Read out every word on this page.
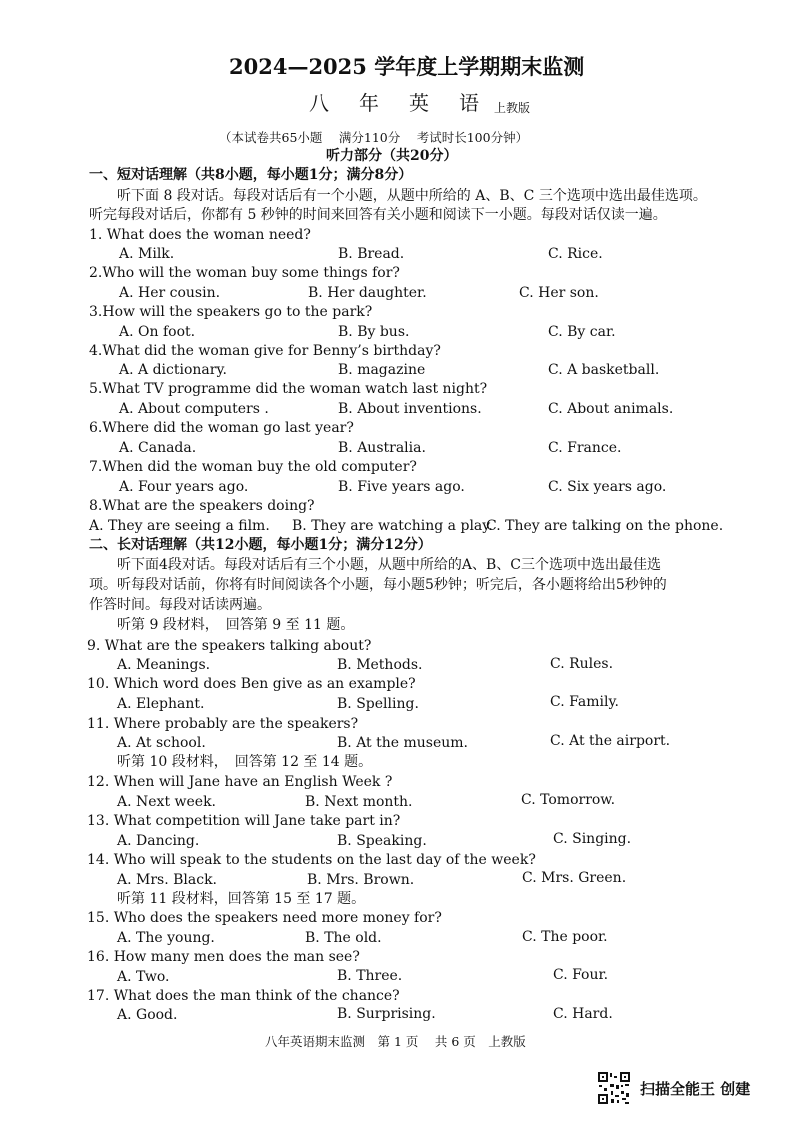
2024—2025 学年度上学期期末监测
八 年 英 语 上教版
（本试卷共65小题　 满分110分　 考试时长100分钟）
听力部分（共20分）
一、短对话理解（共8小题，每小题1分；满分8分）
听下面 8 段对话。每段对话后有一个小题，从题中所给的 A、B、C 三个选项中选出最佳选项。
听完每段对话后，你都有 5 秒钟的时间来回答有关小题和阅读下一小题。每段对话仅读一遍。
1. What does the woman need?
A. Milk.	B. Bread.	C. Rice.
2.Who will the woman buy some things for?
A. Her cousin.	B. Her daughter.	C. Her son.
3.How will the speakers go to the park?
A. On foot.	B. By bus.	C. By car.
4.What did the woman give for Benny’s birthday?
A. A dictionary.	B. magazine	C. A basketball.
5.What TV programme did the woman watch last night?
A. About computers .	B. About inventions.	C. About animals.
6.Where did the woman go last year?
A. Canada.	B. Australia.	C. France.
7.When did the woman buy the old computer?
A. Four years ago.	B. Five years ago.	C. Six years ago.
8.What are the speakers doing?
A. They are seeing a film. B. They are watching a play.
C. They are talking on the phone.
二、长对话理解（共12小题，每小题1分；满分12分）
听下面4段对话。每段对话后有三个小题，从题中所给的A、B、C三个选项中选出最佳选
项。听每段对话前，你将有时间阅读各个小题，每小题5秒钟；听完后，各小题将给出5秒钟的
作答时间。每段对话读两遍。
听第 9 段材料，　回答第 9 至 11 题。
9. What are the speakers talking about?
A. Meanings.	B. Methods.	C. Rules.
10. Which word does Ben give as an example?
A. Elephant.	B. Spelling.	C. Family.
11. Where probably are the speakers?
A. At school.	B. At the museum.	C. At the airport.
听第 10 段材料，　回答第 12 至 14 题。
12. When will Jane have an English Week ?
A. Next week.	B. Next month.	C. Tomorrow.
13. What competition will Jane take part in?
A. Dancing.	B. Speaking.	C. Singing.
14. Who will speak to the students on the last day of the week?
A. Mrs. Black.	B. Mrs. Brown.	C. Mrs. Green.
听第 11 段材料，回答第 15 至 17 题。
15. Who does the speakers need more money for?
A. The young.	B. The old.	C. The poor.
16. How many men does the man see?
A. Two.	B. Three.	C. Four.
17. What does the man think of the chance?
A. Good.	B. Surprising.	C. Hard.
八年英语期末监测　第 1 页　 共 6 页　上教版
扫描全能王 创建
